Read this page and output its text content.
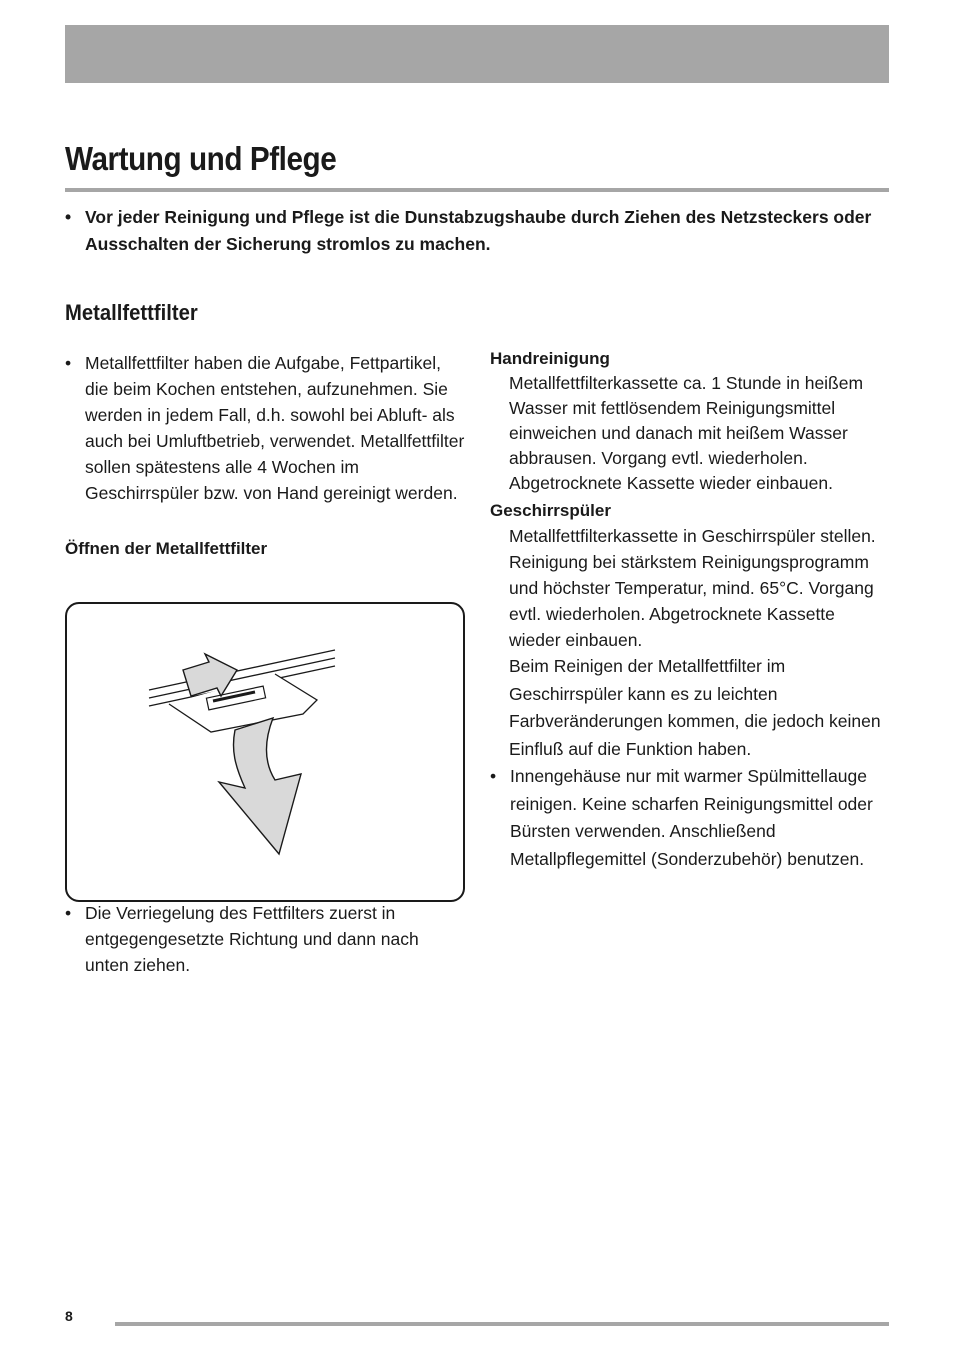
Wartung und Pflege
• Vor jeder Reinigung und Pflege ist die Dunstabzugshaube durch Ziehen des Netzsteckers oder Ausschalten der Sicherung stromlos zu machen.
Metallfettfilter
• Metallfettfilter haben die Aufgabe, Fettpartikel, die beim Kochen entstehen, aufzunehmen. Sie werden in jedem Fall, d.h. sowohl bei Abluft- als auch bei Umluftbetrieb, verwendet. Metallfettfilter sollen spätestens alle 4 Wochen im Geschirrspüler bzw. von Hand gereinigt werden.
Öffnen der Metallfettfilter
• Die Verriegelung des Fettfilters zuerst in entgegengesetzte Richtung und dann nach unten ziehen.
Handreinigung
Metallfettfilterkassette ca. 1 Stunde in heißem Wasser mit fettlösendem Reinigungsmittel einweichen und danach mit heißem Wasser abbrausen. Vorgang evtl. wiederholen. Abgetrocknete Kassette wieder einbauen.
Geschirrspüler
Metallfettfilterkassette in Geschirrspüler stellen. Reinigung bei stärkstem Reinigungsprogramm und höchster Temperatur, mind. 65°C. Vorgang evtl. wiederholen. Abgetrocknete Kassette wieder einbauen.
Beim Reinigen der Metallfettfilter im Geschirrspüler kann es zu leichten Farbveränderungen kommen, die jedoch keinen Einfluß auf die Funktion haben.
• Innengehäuse nur mit warmer Spülmittellauge reinigen. Keine scharfen Reinigungsmittel oder Bürsten verwenden. Anschließend Metallpflegemittel (Sonderzubehör) benutzen.
8
